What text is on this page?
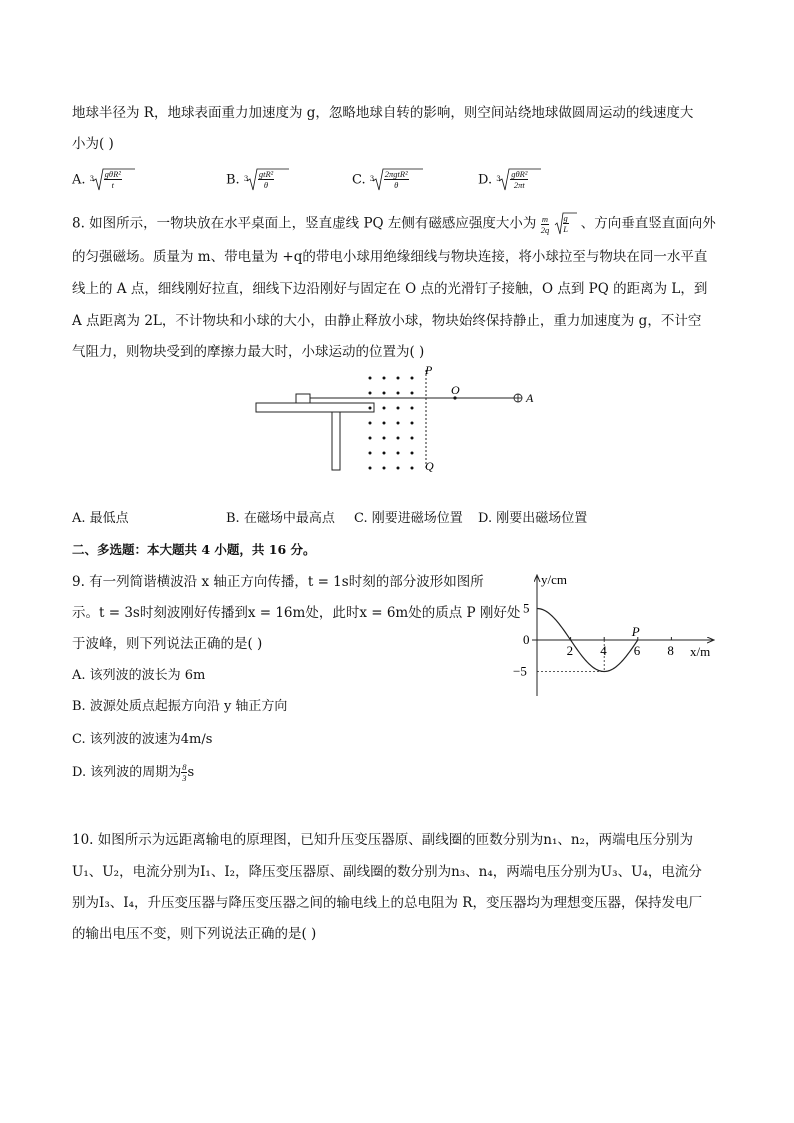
地球半径为 R，地球表面重力加速度为 g，忽略地球自转的影响，则空间站绕地球做圆周运动的线速度大
小为( )
A. $3 \frac{\text{gθR²}}{t}$	B. $3 \frac{\text{gtR²}}{\theta}$	C. $3 \frac{\text{2πgtR²}}{\theta}$	D. $3 \frac{\text{gθR²}}{2\pi t}$
8. 如图所示，一物块放在水平桌面上，竖直虚线 PQ 左侧有磁感应强度大小为 $\frac{m}{2q}$
$\frac{g}{L}$ 、方向垂直竖直面向外
的匀强磁场。质量为 m、带电量为 +q的带电小球用绝缘细线与物块连接，将小球拉至与物块在同一水平直
线上的 A 点，细线刚好拉直，细线下边沿刚好与固定在 O 点的光滑钉子接触，O 点到 PQ 的距离为 L，到
A 点距离为 2L，不计物块和小球的大小，由静止释放小球，物块始终保持静止，重力加速度为 g，不计空
气阻力，则物块受到的摩擦力最大时，小球运动的位置为( )
P
Q
O
A
A. 最低点	B. 在磁场中最高点 C. 刚要进磁场位置 D. 刚要出磁场位置
二、多选题：本大题共 4 小题，共 16 分。
9. 有一列简谐横波沿 x 轴正方向传播，t = 1s时刻的部分波形如图所
示。t = 3s时刻波刚好传播到x = 16m处，此时x = 6m处的质点 P 刚好处
于波峰，则下列说法正确的是( )
A. 该列波的波长为 6m
B. 波源处质点起振方向沿 y 轴正方向
C. 该列波的波速为4m/s
D. 该列波的周期为 $\frac{8}{3}$ s
y/cm
x/m
2 4 6 8
5
0
−5
P
10. 如图所示为远距离输电的原理图，已知升压变压器原、副线圈的匝数分别为n₁、n₂，两端电压分别为
U₁、U₂，电流分别为I₁、I₂，降压变压器原、副线圈的数分别为n₃、n₄，两端电压分别为U₃、U₄，电流分
别为I₃、I₄，升压变压器与降压变压器之间的输电线上的总电阻为 R，变压器均为理想变压器，保持发电厂
的输出电压不变，则下列说法正确的是( )
